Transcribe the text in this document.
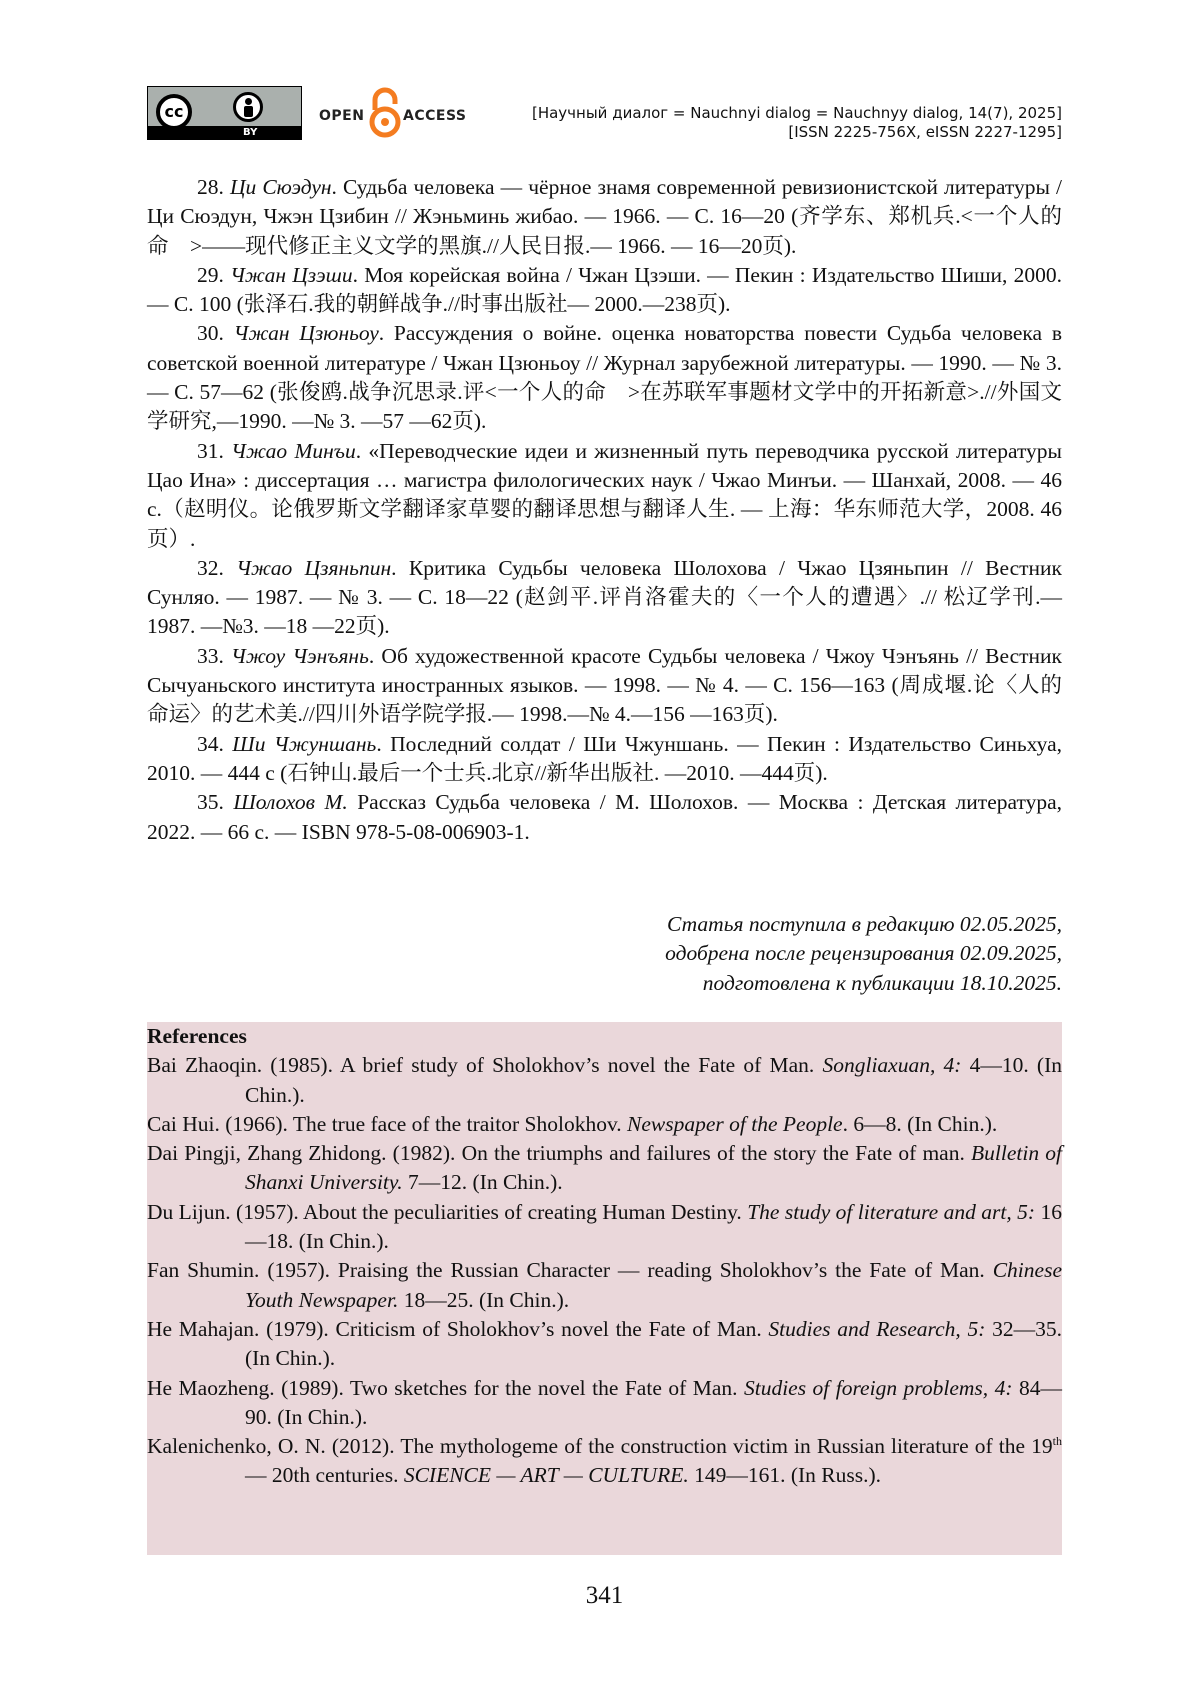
cc
BY
OPEN	ACCESS	[Научный диалог = Nauchnyi dialog = Nauchnyy dialog, 14(7), 2025]
[ISSN 2225-756X, eISSN 2227-1295]

28. Ци Сюэдун. Судьба человека — чёрное знамя современной ревизионистской литературы / Ци Сюэдун, Чжэн Цзибин // Жэньминь жибао. — 1966. — С. 16—20 (齐学东、郑机兵.<一个人的命　>——现代修正主义文学的黑旗.//人民日报.— 1966. — 16—20页).

29. Чжан Цзэши. Моя корейская война / Чжан Цзэши. — Пекин : Издательство Шиши, 2000. — С. 100 (张泽石.我的朝鲜战争.//时事出版社— 2000.—238页).

30. Чжан Цзюньоу. Рассуждения о войне. оценка новаторства повести Судьба человека в советской военной литературе / Чжан Цзюньоу // Журнал зарубежной литературы. — 1990. — № 3. — С. 57—62 (张俊鸥.战争沉思录.评<一个人的命　>在苏联军事题材文学中的开拓新意>.//外国文学研究,—1990. —№ 3. —57 —62页).

31. Чжао Минъи. «Переводческие идеи и жизненный путь переводчика русской литературы Цао Ина» : диссертация … магистра филологических наук / Чжао Минъи. — Шанхай, 2008. — 46 с.（赵明仪。论俄罗斯文学翻译家草婴的翻译思想与翻译人生. — 上海：华东师范大学，2008. 46页）.

32. Чжао Цзяньпин. Критика Судьбы человека Шолохова / Чжао Цзяньпин // Вестник Сунляо. — 1987. — № 3. — С. 18—22 (赵剑平.评肖洛霍夫的〈一个人的遭遇〉.// 松辽学刊.—1987. —№3. —18 —22页).

33. Чжоу Чэнъянь. Об художественной красоте Судьбы человека / Чжоу Чэнъянь // Вестник Сычуаньского института иностранных языков. — 1998. — № 4. — С. 156—163 (周成堰.论〈人的命运〉的艺术美.//四川外语学院学报.— 1998.—№ 4.—156 —163页).

34. Ши Чжуншань. Последний солдат / Ши Чжуншань. — Пекин : Издательство Синьхуа, 2010. — 444 с (石钟山.最后一个士兵.北京//新华出版社. —2010. —444页).

35. Шолохов М. Рассказ Судьба человека / М. Шолохов. — Москва : Детская литература, 2022. — 66 с. — ISBN 978-5-08-006903-1.

Статья поступила в редакцию 02.05.2025,
одобрена после рецензирования 02.09.2025,
подготовлена к публикации 18.10.2025.
References

Bai Zhaoqin. (1985). A brief study of Sholokhov’s novel the Fate of Man. Songliaxuan, 4: 4—10. (In Chin.).

Cai Hui. (1966). The true face of the traitor Sholokhov. Newspaper of the People. 6—8. (In Chin.).

Dai Pingji, Zhang Zhidong. (1982). On the triumphs and failures of the story the Fate of man. Bulletin of Shanxi University. 7—12. (In Chin.).

Du Lijun. (1957). About the peculiarities of creating Human Destiny. The study of literature and art, 5: 16—18. (In Chin.).

Fan Shumin. (1957). Praising the Russian Character — reading Sholokhov’s the Fate of Man. Chinese Youth Newspaper. 18—25. (In Chin.).

He Mahajan. (1979). Criticism of Sholokhov’s novel the Fate of Man. Studies and Research, 5: 32—35. (In Chin.).

He Maozheng. (1989). Two sketches for the novel the Fate of Man. Studies of foreign problems, 4: 84—90. (In Chin.).

Kalenichenko, O. N. (2012). The mythologeme of the construction victim in Russian literature of the 19th — 20th centuries. SCIENCE — ART — CULTURE. 149—161. (In Russ.).

341
